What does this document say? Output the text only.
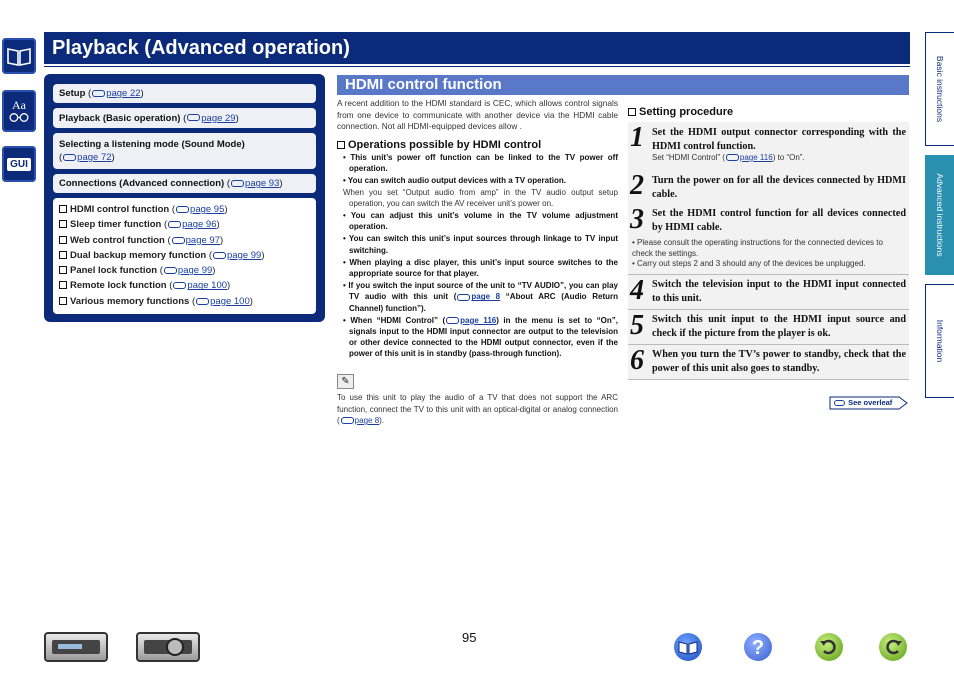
Aa
GUI
Playback (Advanced operation)
Setup ( page 22)
Playback (Basic operation) ( page 29)
Selecting a listening mode (Sound Mode)
( page 72)
Connections (Advanced connection) ( page 93)
HDMI control function ( page 95)
Sleep timer function ( page 96)
Web control function ( page 97)
Dual backup memory function ( page 99)
Panel lock function ( page 99)
Remote lock function ( page 100)
Various memory functions ( page 100)
HDMI control function
A recent addition to the HDMI standard is CEC, which allows control signals from one device to communicate with another device via the HDMI cable connection. Not all HDMI-equipped devices allow .
Operations possible by HDMI control
• This unit’s power off function can be linked to the TV power off operation.
• You can switch audio output devices with a TV operation.
When you set “Output audio from amp” in the TV audio output setup operation, you can switch the AV receiver unit’s power on.
• You can adjust this unit’s volume in the TV volume adjustment operation.
• You can switch this unit’s input sources through linkage to TV input switching.
• When playing a disc player, this unit’s input source switches to the appropriate source for that player.
• If you switch the input source of the unit to “TV AUDIO”, you can play TV audio with this unit ( page 8 “About ARC (Audio Return Channel) function”).
• When “HDMI Control” ( page 116) in the menu is set to “On”, signals input to the HDMI input connector are output to the television or other device connected to the HDMI output connector, even if the power of this unit is in standby (pass-through function).
✎
To use this unit to play the audio of a TV that does not support the ARC function, connect the TV to this unit with an optical-digital or analog connection ( page 8).
Setting procedure
1 Set the HDMI output connector corresponding with the HDMI control function.
Set “HDMI Control” ( page 116) to “On”.
2 Turn the power on for all the devices connected by HDMI cable.
3 Set the HDMI control function for all devices connected by HDMI cable.
• Please consult the operating instructions for the connected devices to check the settings.
• Carry out steps 2 and 3 should any of the devices be unplugged.
4 Switch the television input to the HDMI input connected to this unit.
5 Switch this unit input to the HDMI input source and check if the picture from the player is ok.
6 When you turn the TV’s power to standby, check that the power of this unit also goes to standby.
See overleaf
Basic instructions
Advanced instructions
Information
95	?
